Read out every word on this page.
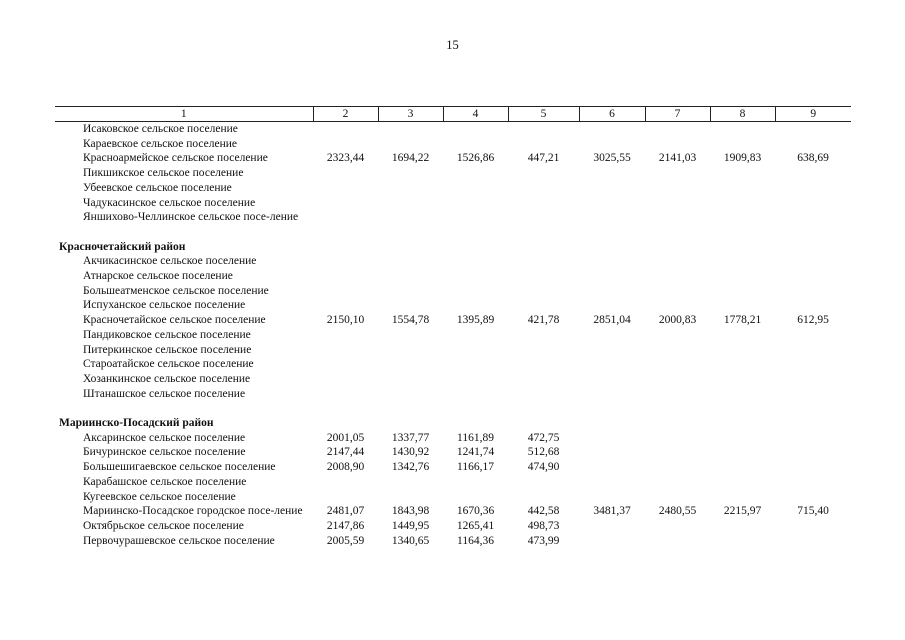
15
1	2	3	4	5	6	7	8	9
Исаковское сельское поселение								
Караевское сельское поселение								
Красноармейское сельское поселение	2323,44	1694,22	1526,86	447,21	3025,55	2141,03	1909,83	638,69
Пикшикское сельское поселение								
Убеевское сельское поселение								
Чадукасинское сельское поселение								
Яншихово-Челлинское сельское посе-ление								

Красночетайский район								
Акчикасинское сельское поселение								
Атнарское сельское поселение								
Большеатменское сельское поселение								
Испуханское сельское поселение								
Красночетайское сельское поселение	2150,10	1554,78	1395,89	421,78	2851,04	2000,83	1778,21	612,95
Пандиковское сельское поселение								
Питеркинское сельское поселение								
Староатайское сельское поселение								
Хозанкинское сельское поселение								
Штанашское сельское поселение								

Мариинско-Посадский район								
Аксаринское сельское поселение	2001,05	1337,77	1161,89	472,75				
Бичуринское сельское поселение	2147,44	1430,92	1241,74	512,68				
Большешигаевское сельское поселение	2008,90	1342,76	1166,17	474,90				
Карабашское сельское поселение								
Кугеевское сельское поселение								
Мариинско-Посадское городское посе-ление	2481,07	1843,98	1670,36	442,58	3481,37	2480,55	2215,97	715,40
Октябрьское сельское поселение	2147,86	1449,95	1265,41	498,73				
Первочурашевское сельское поселение	2005,59	1340,65	1164,36	473,99				
